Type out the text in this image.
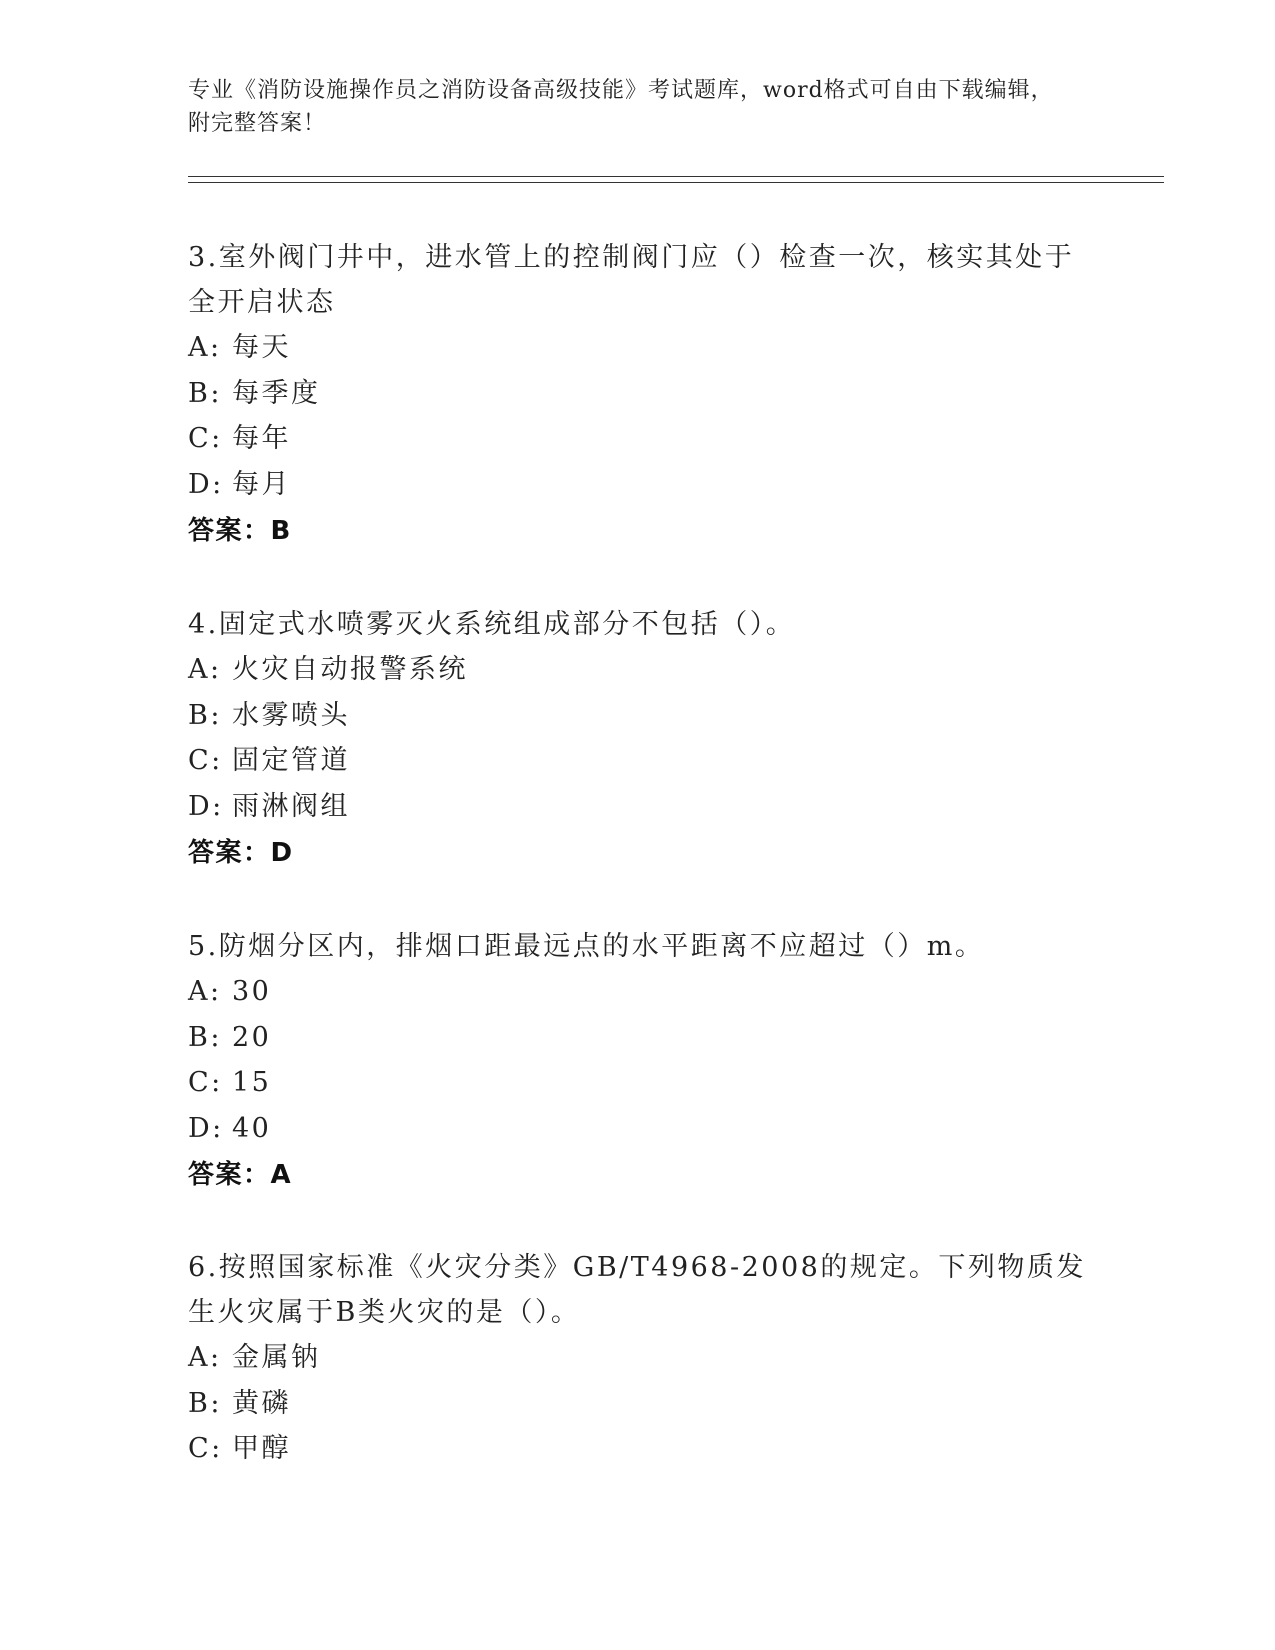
专业《消防设施操作员之消防设备高级技能》考试题库，word格式可自由下载编辑，附完整答案！

3.室外阀门井中，进水管上的控制阀门应（）检查一次，核实其处于全开启状态

A: 每天

B: 每季度

C: 每年

D: 每月

答案：B

4.固定式水喷雾灭火系统组成部分不包括（）。

A: 火灾自动报警系统

B: 水雾喷头

C: 固定管道

D: 雨淋阀组

答案：D

5.防烟分区内，排烟口距最远点的水平距离不应超过（）m。

A: 30

B: 20

C: 15

D: 40

答案：A

6.按照国家标准《火灾分类》GB/T4968-2008的规定。下列物质发生火灾属于B类火灾的是（）。

A: 金属钠

B: 黄磷

C: 甲醇
